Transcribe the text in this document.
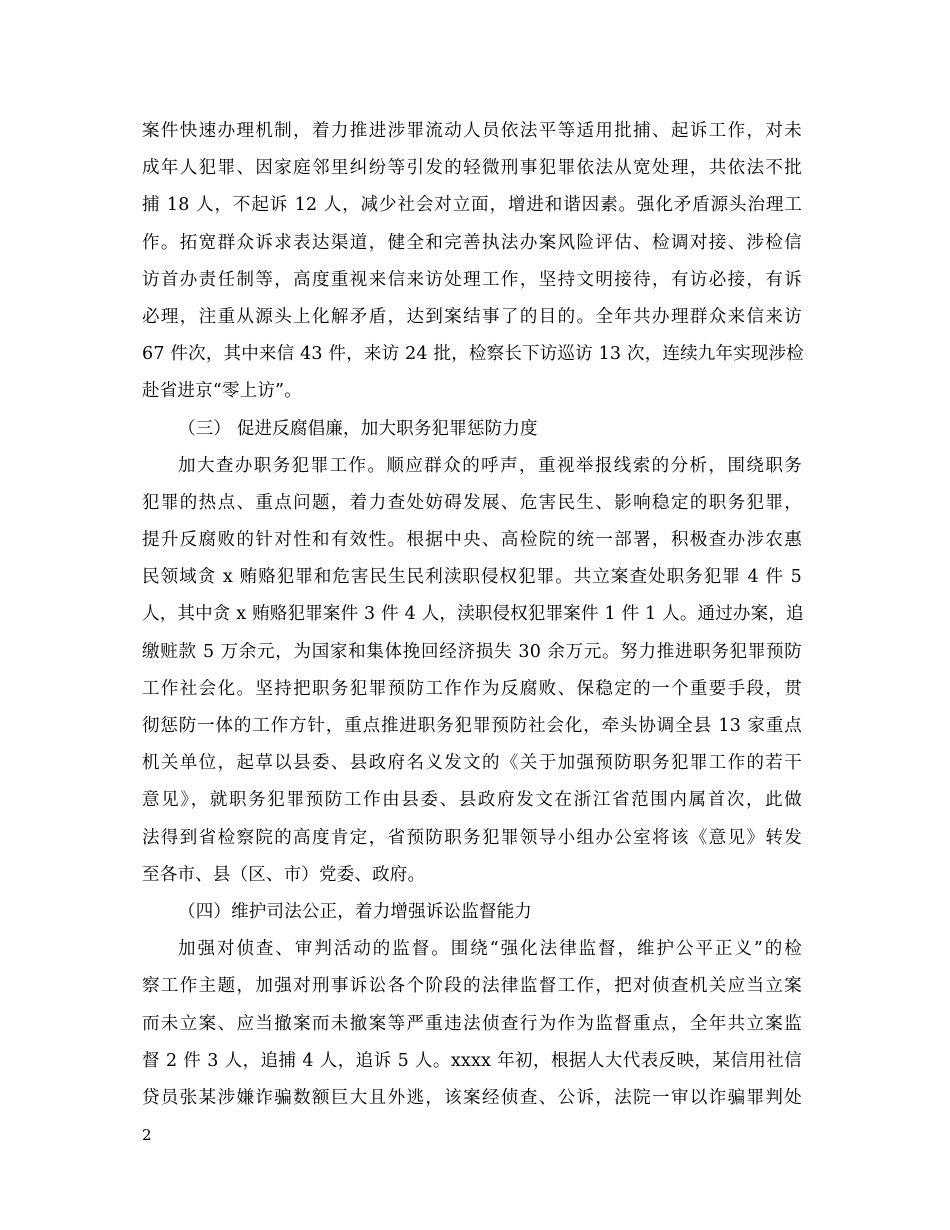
案件快速办理机制，着力推进涉罪流动人员依法平等适用批捕、起诉工作，对未
成年人犯罪、因家庭邻里纠纷等引发的轻微刑事犯罪依法从宽处理，共依法不批
捕 18 人，不起诉 12 人，减少社会对立面，增进和谐因素。强化矛盾源头治理工
作。拓宽群众诉求表达渠道，健全和完善执法办案风险评估、检调对接、涉检信
访首办责任制等，高度重视来信来访处理工作，坚持文明接待，有访必接，有诉
必理，注重从源头上化解矛盾，达到案结事了的目的。全年共办理群众来信来访
67 件次，其中来信 43 件，来访 24 批，检察长下访巡访 13 次，连续九年实现涉检
赴省进京“零上访”。
（三） 促进反腐倡廉，加大职务犯罪惩防力度
加大查办职务犯罪工作。顺应群众的呼声，重视举报线索的分析，围绕职务
犯罪的热点、重点问题，着力查处妨碍发展、危害民生、影响稳定的职务犯罪，
提升反腐败的针对性和有效性。根据中央、高检院的统一部署，积极查办涉农惠
民领域贪 x 贿赂犯罪和危害民生民利渎职侵权犯罪。共立案查处职务犯罪 4 件 5
人，其中贪 x 贿赂犯罪案件 3 件 4 人，渎职侵权犯罪案件 1 件 1 人。通过办案，追
缴赃款 5 万余元，为国家和集体挽回经济损失 30 余万元。努力推进职务犯罪预防
工作社会化。坚持把职务犯罪预防工作作为反腐败、保稳定的一个重要手段，贯
彻惩防一体的工作方针，重点推进职务犯罪预防社会化，牵头协调全县 13 家重点
机关单位，起草以县委、县政府名义发文的《关于加强预防职务犯罪工作的若干
意见》，就职务犯罪预防工作由县委、县政府发文在浙江省范围内属首次，此做
法得到省检察院的高度肯定，省预防职务犯罪领导小组办公室将该《意见》转发
至各市、县（区、市）党委、政府。
（四）维护司法公正，着力增强诉讼监督能力
加强对侦查、审判活动的监督。围绕“强化法律监督，维护公平正义”的检
察工作主题，加强对刑事诉讼各个阶段的法律监督工作，把对侦查机关应当立案
而未立案、应当撤案而未撤案等严重违法侦查行为作为监督重点，全年共立案监
督 2 件 3 人，追捕 4 人，追诉 5 人。xxxx 年初，根据人大代表反映，某信用社信
贷员张某涉嫌诈骗数额巨大且外逃，该案经侦查、公诉，法院一审以诈骗罪判处
2
